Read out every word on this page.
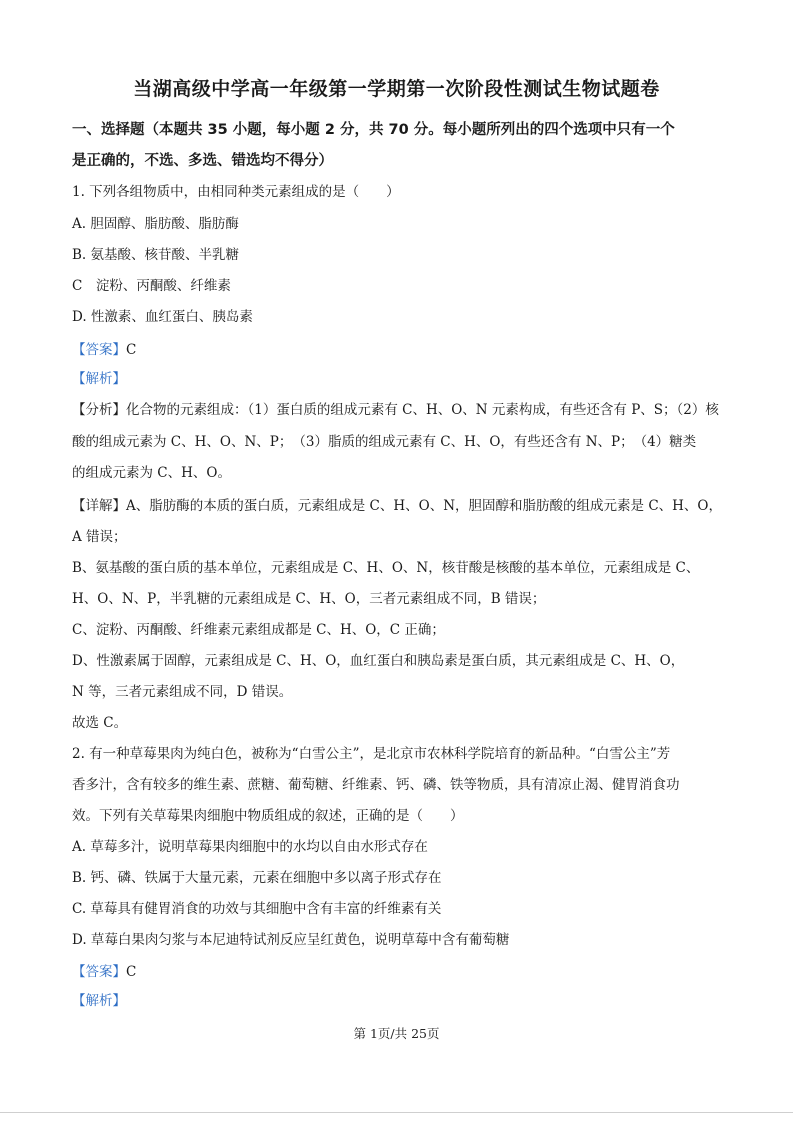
当湖高级中学高一年级第一学期第一次阶段性测试生物试题卷
一、选择题（本题共 35 小题，每小题 2 分，共 70 分。每小题所列出的四个选项中只有一个
是正确的，不选、多选、错选均不得分）
1. 下列各组物质中，由相同种类元素组成的是（　　）
A. 胆固醇、脂肪酸、脂肪酶
B. 氨基酸、核苷酸、半乳糖
C　淀粉、丙酮酸、纤维素
D. 性激素、血红蛋白、胰岛素
【答案】C
【解析】
【分析】化合物的元素组成：（1）蛋白质的组成元素有 C、H、O、N 元素构成，有些还含有 P、S；（2）核
酸的组成元素为 C、H、O、N、P；　（3）脂质的组成元素有 C、H、O，有些还含有 N、P；　（4）糖类
的组成元素为 C、H、O。
【详解】A、脂肪酶的本质的蛋白质，元素组成是 C、H、O、N，胆固醇和脂肪酸的组成元素是 C、H、O，
A 错误；
B、氨基酸的蛋白质的基本单位，元素组成是 C、H、O、N，核苷酸是核酸的基本单位，元素组成是 C、
H、O、N、P，半乳糖的元素组成是 C、H、O，三者元素组成不同，B 错误；
C、淀粉、丙酮酸、纤维素元素组成都是 C、H、O，C 正确；
D、性激素属于固醇，元素组成是 C、H、O，血红蛋白和胰岛素是蛋白质，其元素组成是 C、H、O，
N 等，三者元素组成不同，D 错误。
故选 C。
2. 有一种草莓果肉为纯白色，被称为“白雪公主”，是北京市农林科学院培育的新品种。“白雪公主”芳
香多汁，含有较多的维生素、蔗糖、葡萄糖、纤维素、钙、磷、铁等物质，具有清凉止渴、健胃消食功
效。下列有关草莓果肉细胞中物质组成的叙述，正确的是（　　）
A. 草莓多汁，说明草莓果肉细胞中的水均以自由水形式存在
B. 钙、磷、铁属于大量元素，元素在细胞中多以离子形式存在
C. 草莓具有健胃消食的功效与其细胞中含有丰富的纤维素有关
D. 草莓白果肉匀浆与本尼迪特试剂反应呈红黄色，说明草莓中含有葡萄糖
【答案】C
【解析】
第 1页/共 25页
